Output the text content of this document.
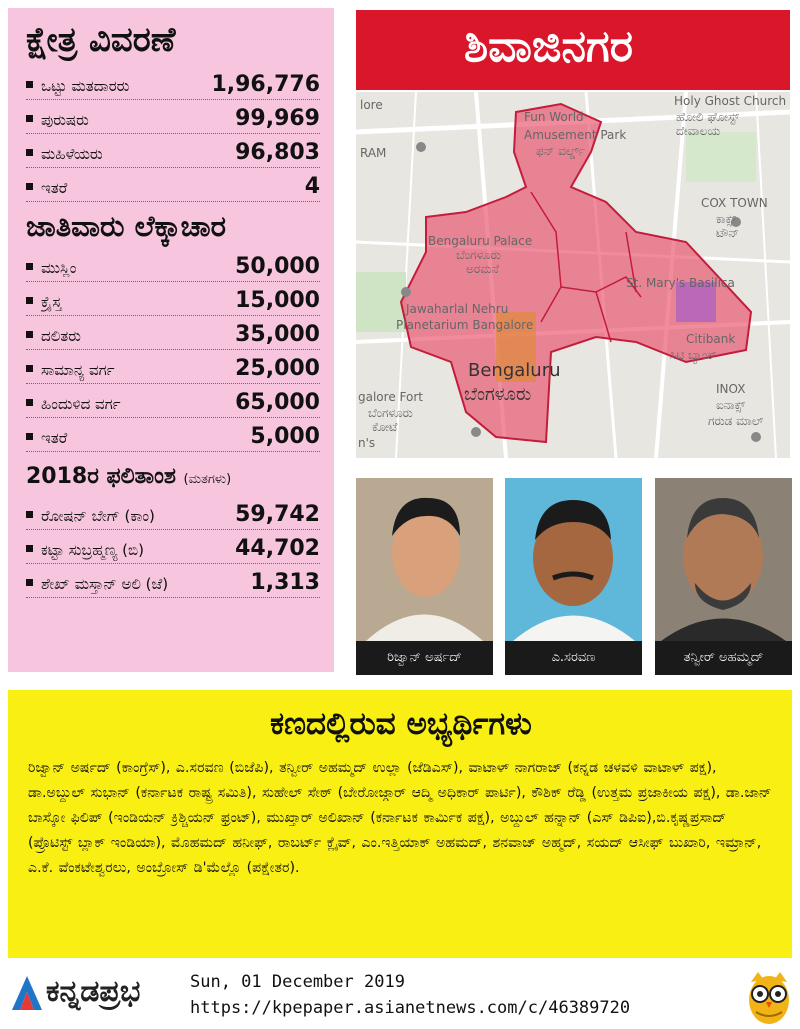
ಕ್ಷೇತ್ರ ವಿವರಣೆ
ಒಟ್ಟು ಮತದಾರರು	1,96,776
ಪುರುಷರು	99,969
ಮಹಿಳೆಯರು	96,803
ಇತರೆ	4
ಜಾತಿವಾರು ಲೆಕ್ಕಾಚಾರ
ಮುಸ್ಲಿಂ	50,000
ಕ್ರೈಸ್ತ	15,000
ದಲಿತರು	35,000
ಸಾಮಾನ್ಯ ವರ್ಗ	25,000
ಹಿಂದುಳಿದ ವರ್ಗ	65,000
ಇತರೆ	5,000
2018ರ ಫಲಿತಾಂಶ (ಮತಗಳು)
ರೋಷನ್ ಬೇಗ್ (ಕಾಂ)	59,742
ಕಟ್ಟಾ ಸುಬ್ರಹ್ಮಣ್ಯ (ಬಿ)	44,702
ಶೇಖ್ ಮಸ್ತಾನ್ ಅಲಿ (ಜೆ)	1,313
ಶಿವಾಜಿನಗರ
lore
Fun World
Amusement Park
ಫನ್ ವರ್ಲ್ಡ್
Holy Ghost Church
ಹೋಲಿ ಘೋಸ್ಟ್
ದೇವಾಲಯ
RAM
COX TOWN
ಕಾಕ್ಸ್
ಟೌನ್
Bengaluru Palace
ಬೆಂಗಳೂರು
ಅರಮನೆ
St. Mary's Basilica
Jawaharlal Nehru
Planetarium Bangalore
Citibank
ಸಿಟಿ ಬ್ಯಾಂಕ್
Bengaluru
ಬೆಂಗಳೂರು	INOX
ಐನಾಕ್ಸ್
ಗರುಡ ಮಾಲ್
galore Fort
ಬೆಂಗಳೂರು
ಕೋಟೆ
n's
ರಿಜ್ವಾನ್ ಅರ್ಷದ್	ಎ.ಸರವಣ	ತನ್ವೀರ್ ಅಹಮ್ಮದ್
ಕಣದಲ್ಲಿರುವ ಅಭ್ಯರ್ಥಿಗಳು
ರಿಜ್ವಾನ್ ಅರ್ಷದ್ (ಕಾಂಗ್ರೆಸ್), ಎ.ಸರವಣ (ಬಿಜೆಪಿ), ತನ್ವೀರ್ ಅಹಮ್ಮದ್ ಉಲ್ಲಾ (ಜೆಡಿಎಸ್), ವಾಟಾಳ್ ನಾಗರಾಜ್ (ಕನ್ನಡ ಚಳವಳಿ ವಾಟಾಳ್ ಪಕ್ಷ), ಡಾ.ಅಬ್ದುಲ್ ಸುಭಾನ್ (ಕರ್ನಾಟಕ ರಾಷ್ಟ್ರ ಸಮಿತಿ), ಸುಹೇಲ್ ಸೇಠ್ (ಬೇರೋಜ್ಗಾರ್ ಆದ್ಮಿ ಅಧಿಕಾರ್ ಪಾರ್ಟಿ), ಕೌಶಿಕ್ ರೆಡ್ಡಿ (ಉತ್ತಮ ಪ್ರಜಾಕೀಯ ಪಕ್ಷ), ಡಾ.ಜಾನ್ ಬಾಸ್ಕೋ ಫಿಲಿಪ್ (ಇಂಡಿಯನ್ ಕ್ರಿಶ್ಚಿಯನ್ ಫ್ರಂಟ್), ಮುಖ್ತಾರ್ ಅಲಿಖಾನ್ (ಕರ್ನಾಟಕ ಕಾರ್ಮಿಕ ಪಕ್ಷ), ಅಬ್ದುಲ್ ಹನ್ನಾನ್ (ಎಸ್ ಡಿಪಿಐ),ಬಿ.ಕೃಷ್ಣಪ್ರಸಾದ್ (ಪ್ರೊಟಿಸ್ಟ್ ಬ್ಲಾಕ್ ಇಂಡಿಯಾ), ಮೊಹಮದ್ ಹನೀಫ್, ರಾಬರ್ಟ್ ಕ್ಲೈವ್, ಎಂ.ಇತ್ತಿಯಾಕ್ ಅಹಮದ್, ಶನವಾಜ್ ಅಹ್ಮದ್, ಸಯದ್ ಆಸೀಫ್ ಬುಖಾರಿ, ಇಮ್ರಾನ್, ಎ.ಕೆ. ವೆಂಕಟೇಶ್ವರಲು, ಅಂಬ್ರೋಸ್ ಡಿ'ಮೆಲ್ಲೊ (ಪಕ್ಷೇತರ).
ಕನ್ನಡಪ್ರಭ	Sun, 01 December 2019
https://kpepaper.asianetnews.com/c/46389720
